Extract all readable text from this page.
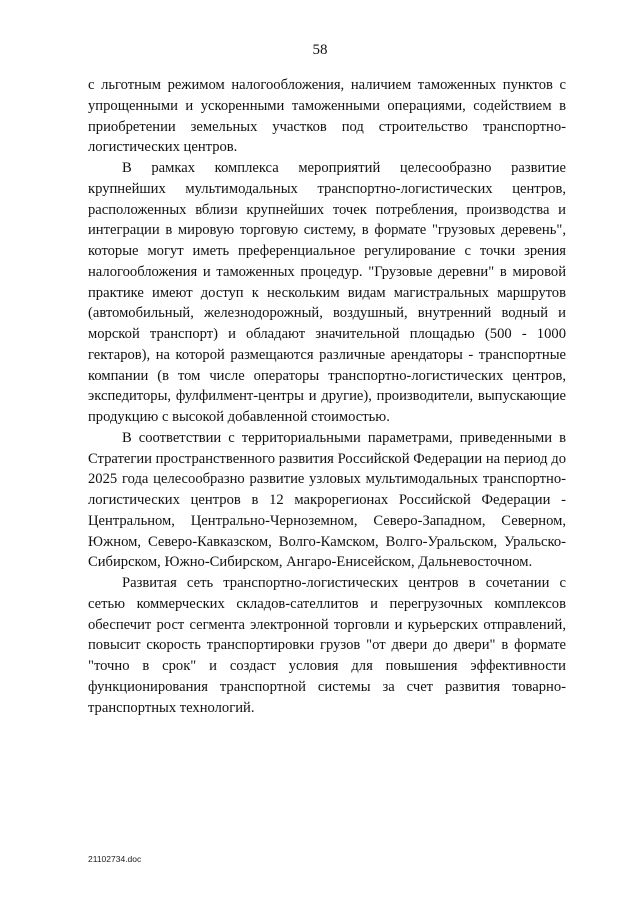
58

с льготным режимом налогообложения, наличием таможенных пунктов с упрощенными и ускоренными таможенными операциями, содействием в приобретении земельных участков под строительство транспортно-логистических центров.

В рамках комплекса мероприятий целесообразно развитие крупнейших мультимодальных транспортно-логистических центров, расположенных вблизи крупнейших точек потребления, производства и интеграции в мировую торговую систему, в формате "грузовых деревень", которые могут иметь преференциальное регулирование с точки зрения налогообложения и таможенных процедур. "Грузовые деревни" в мировой практике имеют доступ к нескольким видам магистральных маршрутов (автомобильный, железнодорожный, воздушный, внутренний водный и морской транспорт) и обладают значительной площадью (500 - 1000 гектаров), на которой размещаются различные арендаторы - транспортные компании (в том числе операторы транспортно-логистических центров, экспедиторы, фулфилмент-центры и другие), производители, выпускающие продукцию с высокой добавленной стоимостью.

В соответствии с территориальными параметрами, приведенными в Стратегии пространственного развития Российской Федерации на период до 2025 года целесообразно развитие узловых мультимодальных транспортно-логистических центров в 12 макрорегионах Российской Федерации - Центральном, Центрально-Черноземном, Северо-Западном, Северном, Южном, Северо-Кавказском, Волго-Камском, Волго-Уральском, Уральско-Сибирском, Южно-Сибирском, Ангаро-Енисейском, Дальневосточном.

Развитая сеть транспортно-логистических центров в сочетании с сетью коммерческих складов-сателлитов и перегрузочных комплексов обеспечит рост сегмента электронной торговли и курьерских отправлений, повысит скорость транспортировки грузов "от двери до двери" в формате "точно в срок" и создаст условия для повышения эффективности функционирования транспортной системы за счет развития товарно-транспортных технологий.

21102734.doc
